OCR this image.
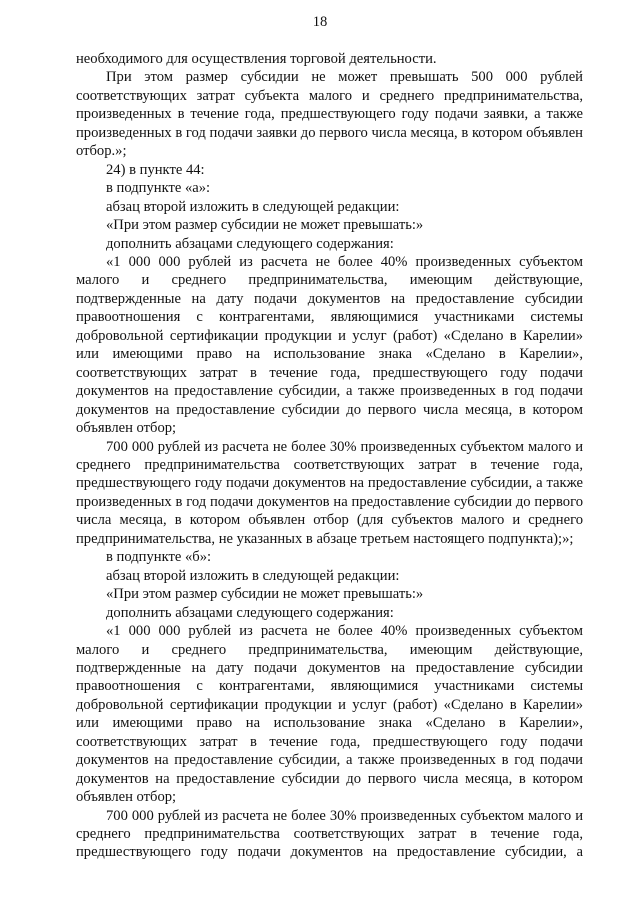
18

необходимого для осуществления торговой деятельности.

При этом размер субсидии не может превышать 500 000 рублей соответствующих затрат субъекта малого и среднего предпринимательства, произведенных в течение года, предшествующего году подачи заявки, а также произведенных в год подачи заявки до первого числа месяца, в котором объявлен отбор.»;

24) в пункте 44:

в подпункте «а»:

абзац второй изложить в следующей редакции:

«При этом размер субсидии не может превышать:»

дополнить абзацами следующего содержания:

«1 000 000 рублей из расчета не более 40% произведенных субъектом малого и среднего предпринимательства, имеющим действующие, подтвержденные на дату подачи документов на предоставление субсидии правоотношения с контрагентами, являющимися участниками системы добровольной сертификации продукции и услуг (работ) «Сделано в Карелии» или имеющими право на использование знака «Сделано в Карелии», соответствующих затрат в течение года, предшествующего году подачи документов на предоставление субсидии, а также произведенных в год подачи документов на предоставление субсидии до первого числа месяца, в котором объявлен отбор;

700 000 рублей из расчета не более 30% произведенных субъектом малого и среднего предпринимательства соответствующих затрат в течение года, предшествующего году подачи документов на предоставление субсидии, а также произведенных в год подачи документов на предоставление субсидии до первого числа месяца, в котором объявлен отбор (для субъектов малого и среднего предпринимательства, не указанных в абзаце третьем настоящего подпункта);»;

в подпункте «б»:

абзац второй изложить в следующей редакции:

«При этом размер субсидии не может превышать:»

дополнить абзацами следующего содержания:

«1 000 000 рублей из расчета не более 40% произведенных субъектом малого и среднего предпринимательства, имеющим действующие, подтвержденные на дату подачи документов на предоставление субсидии правоотношения с контрагентами, являющимися участниками системы добровольной сертификации продукции и услуг (работ) «Сделано в Карелии» или имеющими право на использование знака «Сделано в Карелии», соответствующих затрат в течение года, предшествующего году подачи документов на предоставление субсидии, а также произведенных в год подачи документов на предоставление субсидии до первого числа месяца, в котором объявлен отбор;

700 000 рублей из расчета не более 30% произведенных субъектом малого и среднего предпринимательства соответствующих затрат в течение года, предшествующего году подачи документов на предоставление субсидии, а
